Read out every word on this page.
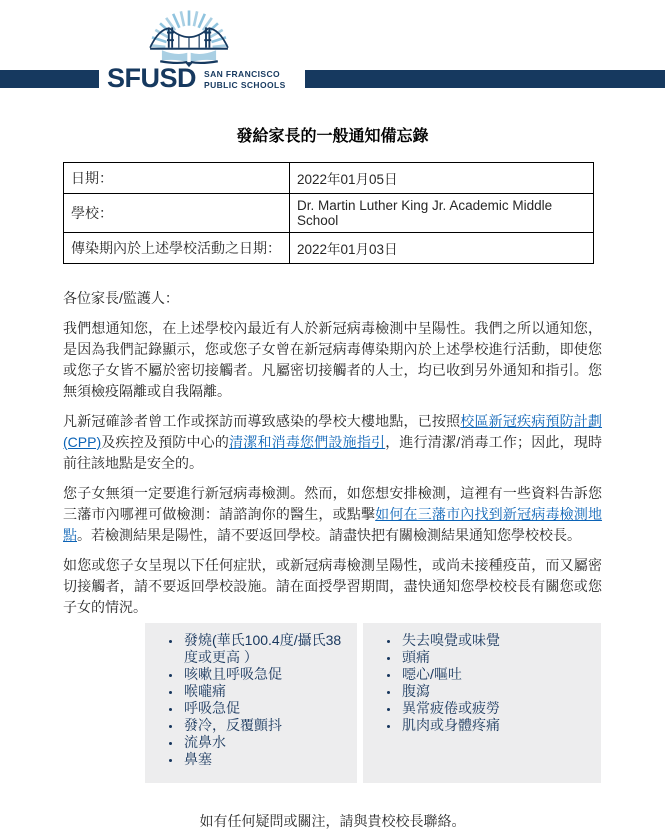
SFUSD SAN FRANCISCO
PUBLIC SCHOOLS
發給家長的一般通知備忘錄
日期：	2022年01月05日
學校：	Dr. Martin Luther King Jr. Academic Middle School
傳染期內於上述學校活動之日期：	2022年01月03日
各位家長/監護人：
我們想通知您，在上述學校內最近有人於新冠病毒檢測中呈陽性。我們之所以通知您，是因為我們記錄顯示，您或您子女曾在新冠病毒傳染期內於上述學校進行活動，即使您或您子女皆不屬於密切接觸者。凡屬密切接觸者的人士，均已收到另外通知和指引。您無須檢疫隔離或自我隔離。
凡新冠確診者曾工作或探訪而導致感染的學校大樓地點，已按照校區新冠疾病預防計劃 (CPP)及疾控及預防中心的清潔和消毒您們設施指引，進行清潔/消毒工作；因此，現時前往該地點是安全的。
您子女無須一定要進行新冠病毒檢測。然而，如您想安排檢測，這裡有一些資料告訴您三藩市內哪裡可做檢測：請諮詢你的醫生，或點擊如何在三藩市內找到新冠病毒檢測地點。若檢測結果是陽性，請不要返回學校。請盡快把有關檢測結果通知您學校校長。
如您或您子女呈現以下任何症狀，或新冠病毒檢測呈陽性，或尚未接種疫苗，而又屬密切接觸者，請不要返回學校設施。請在面授學習期間，盡快通知您學校校長有關您或您子女的情況。
• 發燒(華氏100.4度/攝氏38度或更高 ）
• 咳嗽且呼吸急促
• 喉嚨痛
• 呼吸急促
• 發冷，反覆顫抖
• 流鼻水
• 鼻塞
• 失去嗅覺或味覺
• 頭痛
• 噁心/嘔吐
• 腹瀉
• 異常疲倦或疲勞
• 肌肉或身體疼痛
如有任何疑問或關注，請與貴校校長聯絡。
